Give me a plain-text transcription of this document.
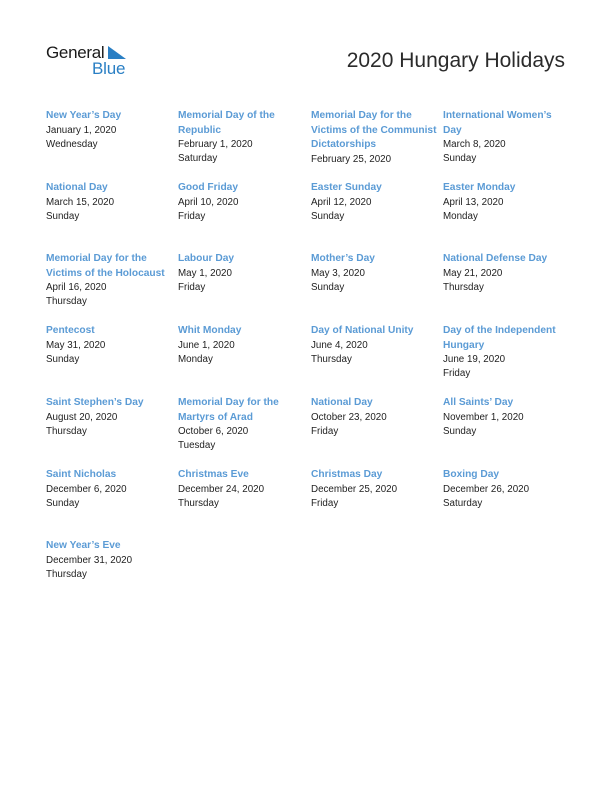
General
Blue	2020 Hungary Holidays
New Year’s Day
January 1, 2020
Wednesday
Memorial Day of the Republic
February 1, 2020
Saturday
Memorial Day for the Victims of the Communist Dictatorships
February 25, 2020
International Women’s Day
March 8, 2020
Sunday
National Day
March 15, 2020
Sunday
Good Friday
April 10, 2020
Friday
Easter Sunday
April 12, 2020
Sunday
Easter Monday
April 13, 2020
Monday
Memorial Day for the Victims of the Holocaust
April 16, 2020
Thursday
Labour Day
May 1, 2020
Friday
Mother’s Day
May 3, 2020
Sunday
National Defense Day
May 21, 2020
Thursday
Pentecost
May 31, 2020
Sunday
Whit Monday
June 1, 2020
Monday
Day of National Unity
June 4, 2020
Thursday
Day of the Independent Hungary
June 19, 2020
Friday
Saint Stephen’s Day
August 20, 2020
Thursday
Memorial Day for the Martyrs of Arad
October 6, 2020
Tuesday
National Day
October 23, 2020
Friday
All Saints’ Day
November 1, 2020
Sunday
Saint Nicholas
December 6, 2020
Sunday
Christmas Eve
December 24, 2020
Thursday
Christmas Day
December 25, 2020
Friday
Boxing Day
December 26, 2020
Saturday
New Year’s Eve
December 31, 2020
Thursday
